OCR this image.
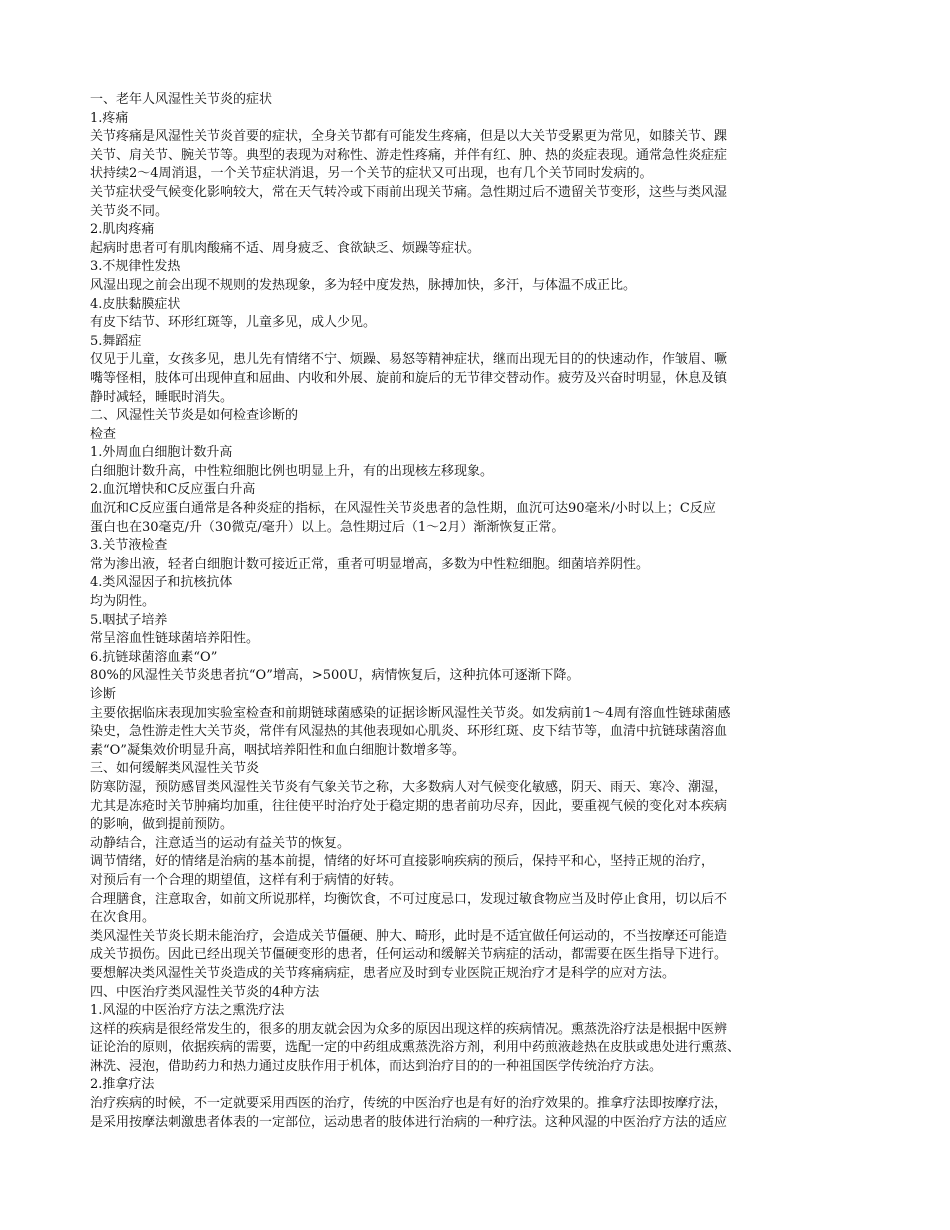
一、老年人风湿性关节炎的症状
1.疼痛
关节疼痛是风湿性关节炎首要的症状，全身关节都有可能发生疼痛，但是以大关节受累更为常见，如膝关节、踝
关节、肩关节、腕关节等。典型的表现为对称性、游走性疼痛，并伴有红、肿、热的炎症表现。通常急性炎症症
状持续2～4周消退，一个关节症状消退，另一个关节的症状又可出现，也有几个关节同时发病的。
关节症状受气候变化影响较大，常在天气转冷或下雨前出现关节痛。急性期过后不遗留关节变形，这些与类风湿
关节炎不同。
2.肌肉疼痛
起病时患者可有肌肉酸痛不适、周身疲乏、食欲缺乏、烦躁等症状。
3.不规律性发热
风湿出现之前会出现不规则的发热现象，多为轻中度发热，脉搏加快，多汗，与体温不成正比。
4.皮肤黏膜症状
有皮下结节、环形红斑等，儿童多见，成人少见。
5.舞蹈症
仅见于儿童，女孩多见，患儿先有情绪不宁、烦躁、易怒等精神症状，继而出现无目的的快速动作，作皱眉、噘
嘴等怪相，肢体可出现伸直和屈曲、内收和外展、旋前和旋后的无节律交替动作。疲劳及兴奋时明显，休息及镇
静时减轻，睡眠时消失。
二、风湿性关节炎是如何检查诊断的
检查
1.外周血白细胞计数升高
白细胞计数升高，中性粒细胞比例也明显上升，有的出现核左移现象。
2.血沉增快和C反应蛋白升高
血沉和C反应蛋白通常是各种炎症的指标，在风湿性关节炎患者的急性期，血沉可达90毫米/小时以上；C反应
蛋白也在30毫克/升（30微克/毫升）以上。急性期过后（1～2月）渐渐恢复正常。
3.关节液检查
常为渗出液，轻者白细胞计数可接近正常，重者可明显增高，多数为中性粒细胞。细菌培养阴性。
4.类风湿因子和抗核抗体
均为阴性。
5.咽拭子培养
常呈溶血性链球菌培养阳性。
6.抗链球菌溶血素“O”
80%的风湿性关节炎患者抗“O”增高，>500U，病情恢复后，这种抗体可逐渐下降。
诊断
主要依据临床表现加实验室检查和前期链球菌感染的证据诊断风湿性关节炎。如发病前1～4周有溶血性链球菌感
染史，急性游走性大关节炎，常伴有风湿热的其他表现如心肌炎、环形红斑、皮下结节等，血清中抗链球菌溶血
素“O”凝集效价明显升高，咽拭培养阳性和血白细胞计数增多等。
三、如何缓解类风湿性关节炎
防寒防湿，预防感冒类风湿性关节炎有气象关节之称，大多数病人对气候变化敏感，阴天、雨天、寒冷、潮湿，
尤其是冻疮时关节肿痛均加重，往往使平时治疗处于稳定期的患者前功尽弃，因此，要重视气候的变化对本疾病
的影响，做到提前预防。
动静结合，注意适当的运动有益关节的恢复。
调节情绪，好的情绪是治病的基本前提，情绪的好坏可直接影响疾病的预后，保持平和心，坚持正规的治疗，
对预后有一个合理的期望值，这样有利于病情的好转。
合理膳食，注意取舍，如前文所说那样，均衡饮食，不可过度忌口，发现过敏食物应当及时停止食用，切以后不
在次食用。
类风湿性关节炎长期未能治疗，会造成关节僵硬、肿大、畸形，此时是不适宜做任何运动的，不当按摩还可能造
成关节损伤。因此已经出现关节僵硬变形的患者，任何运动和缓解关节病症的活动，都需要在医生指导下进行。
要想解决类风湿性关节炎造成的关节疼痛病症，患者应及时到专业医院正规治疗才是科学的应对方法。
四、中医治疗类风湿性关节炎的4种方法
1.风湿的中医治疗方法之熏洗疗法
这样的疾病是很经常发生的，很多的朋友就会因为众多的原因出现这样的疾病情况。熏蒸洗浴疗法是根据中医辨
证论治的原则，依据疾病的需要，选配一定的中药组成熏蒸洗浴方剂，利用中药煎液趁热在皮肤或患处进行熏蒸、
淋洗、浸泡，借助药力和热力通过皮肤作用于机体，而达到治疗目的的一种祖国医学传统治疗方法。
2.推拿疗法
治疗疾病的时候，不一定就要采用西医的治疗，传统的中医治疗也是有好的治疗效果的。推拿疗法即按摩疗法，
是采用按摩法刺激患者体表的一定部位，运动患者的肢体进行治病的一种疗法。这种风湿的中医治疗方法的适应
